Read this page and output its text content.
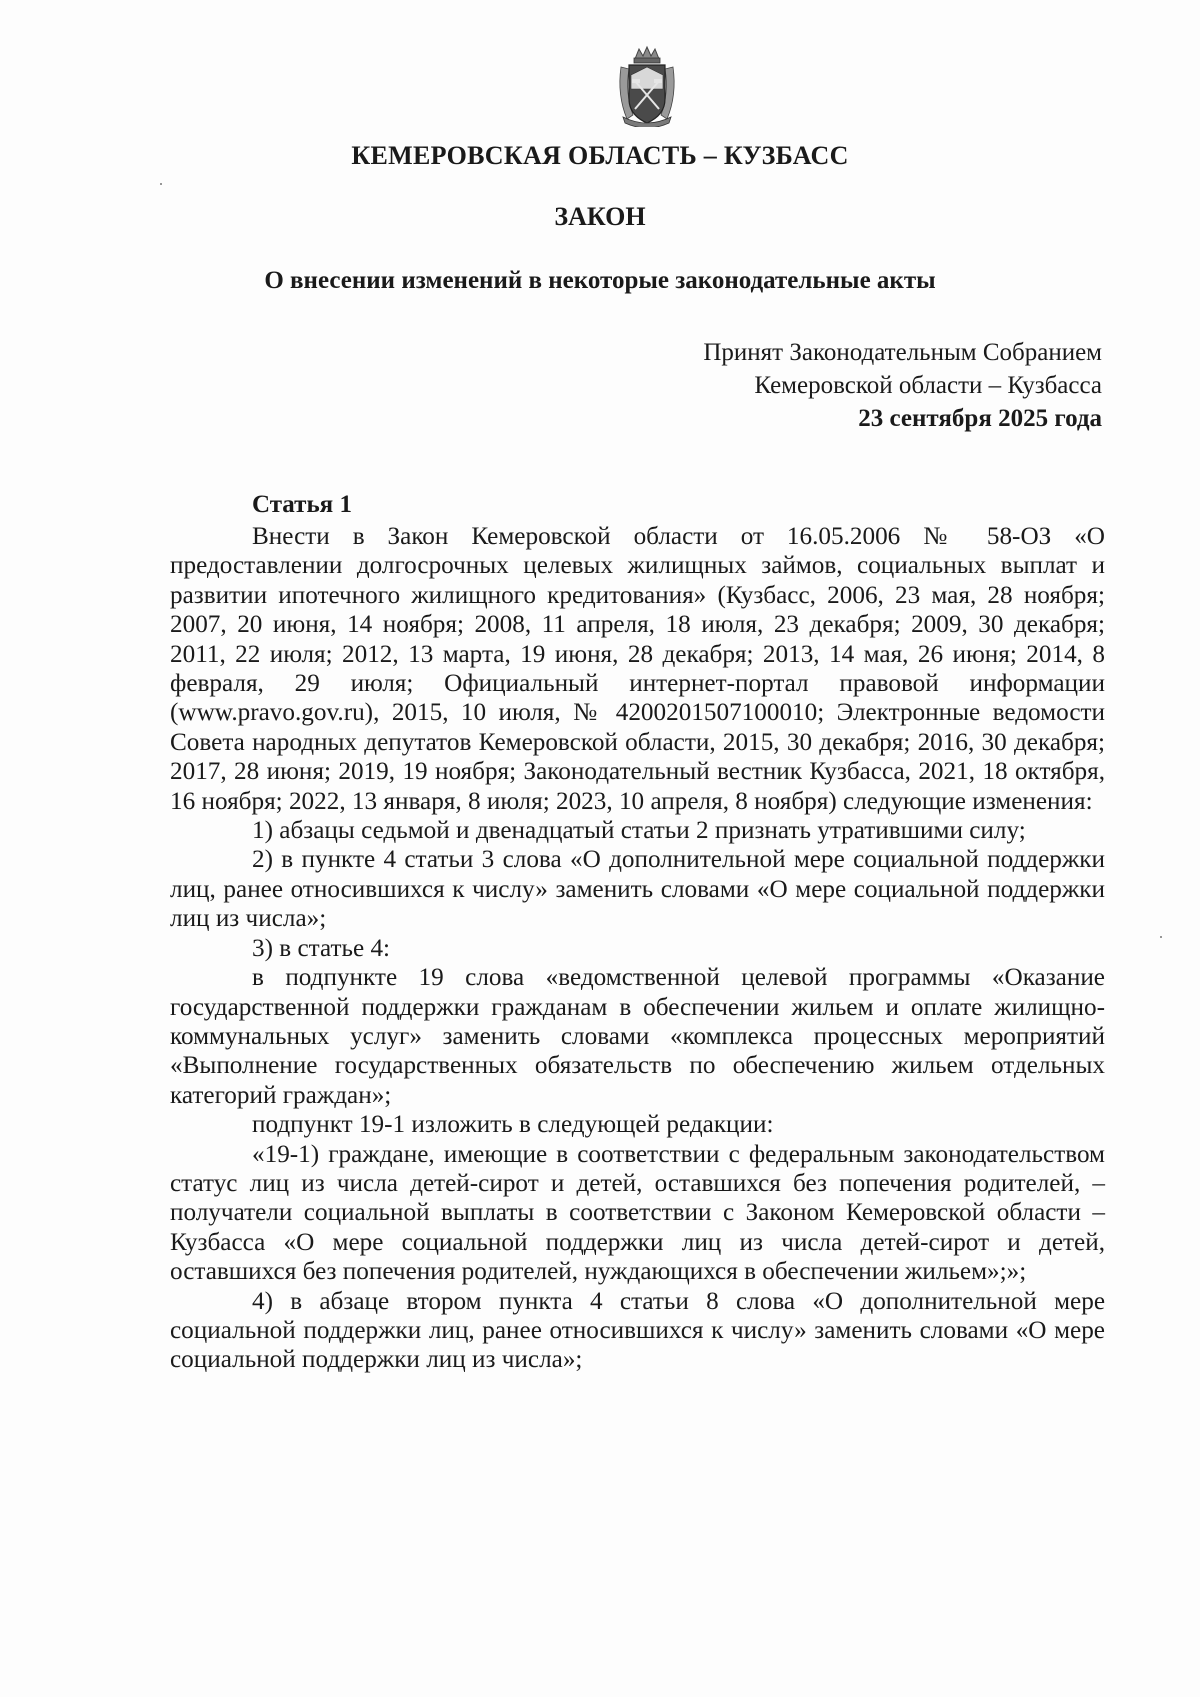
КЕМЕРОВСКАЯ ОБЛАСТЬ – КУЗБАСС
ЗАКОН
О внесении изменений в некоторые законодательные акты
Принят Законодательным Собранием
Кемеровской области – Кузбасса
23 сентября 2025 года
Статья 1

Внести в Закон Кемеровской области от 16.05.2006 № 58-ОЗ «О предоставлении долгосрочных целевых жилищных займов, социальных выплат и развитии ипотечного жилищного кредитования» (Кузбасс, 2006, 23 мая, 28 ноября; 2007, 20 июня, 14 ноября; 2008, 11 апреля, 18 июля, 23 декабря; 2009, 30 декабря; 2011, 22 июля; 2012, 13 марта, 19 июня, 28 декабря; 2013, 14 мая, 26 июня; 2014, 8 февраля, 29 июля; Официальный интернет-портал правовой информации (www.pravo.gov.ru), 2015, 10 июля, № 4200201507100010; Электронные ведомости Совета народных депутатов Кемеровской области, 2015, 30 декабря; 2016, 30 декабря; 2017, 28 июня; 2019, 19 ноября; Законодательный вестник Кузбасса, 2021, 18 октября, 16 ноября; 2022, 13 января, 8 июля; 2023, 10 апреля, 8 ноября) следующие изменения:

1) абзацы седьмой и двенадцатый статьи 2 признать утратившими силу;

2) в пункте 4 статьи 3 слова «О дополнительной мере социальной поддержки лиц, ранее относившихся к числу» заменить словами «О мере социальной поддержки лиц из числа»;

3) в статье 4:

в подпункте 19 слова «ведомственной целевой программы «Оказание государственной поддержки гражданам в обеспечении жильем и оплате жилищно-коммунальных услуг» заменить словами «комплекса процессных мероприятий «Выполнение государственных обязательств по обеспечению жильем отдельных категорий граждан»;

подпункт 19-1 изложить в следующей редакции:

«19-1) граждане, имеющие в соответствии с федеральным законодательством статус лиц из числа детей-сирот и детей, оставшихся без попечения родителей, – получатели социальной выплаты в соответствии с Законом Кемеровской области – Кузбасса «О мере социальной поддержки лиц из числа детей-сирот и детей, оставшихся без попечения родителей, нуждающихся в обеспечении жильем»;»;

4) в абзаце втором пункта 4 статьи 8 слова «О дополнительной мере социальной поддержки лиц, ранее относившихся к числу» заменить словами «О мере социальной поддержки лиц из числа»;
